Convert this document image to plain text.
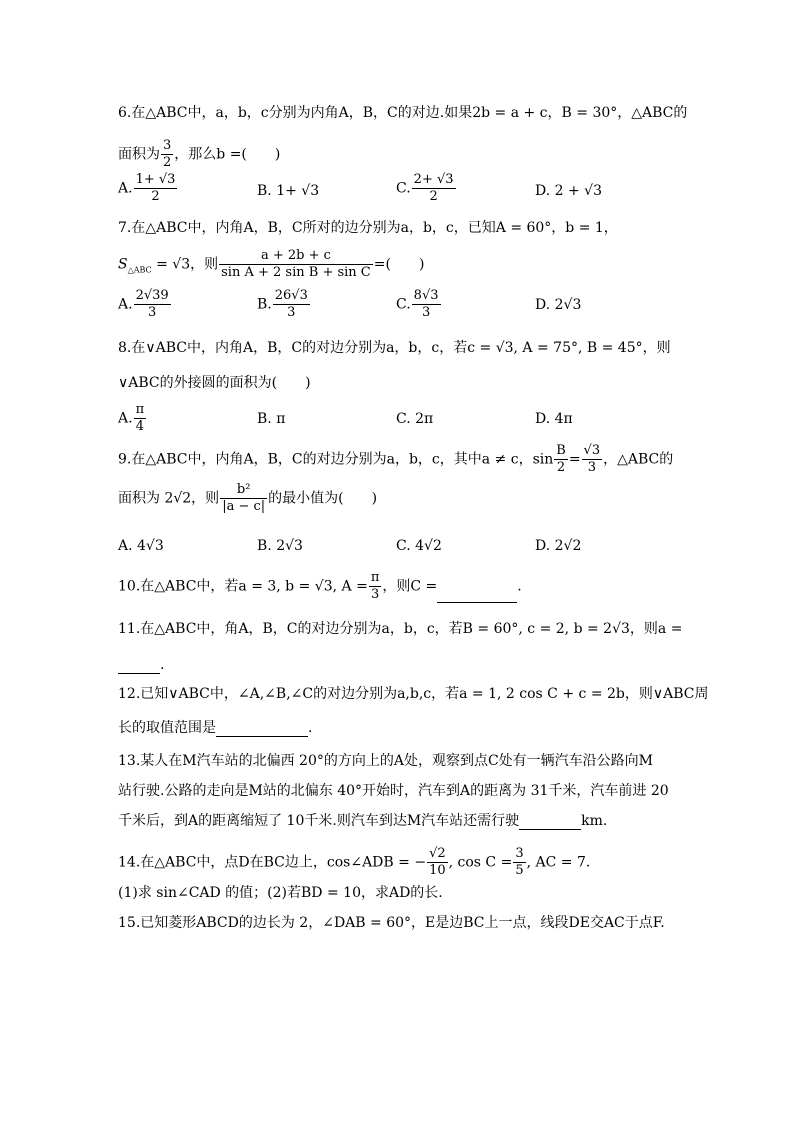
6.在△ABC中，a，b，c分别为内角A，B，C的对边.如果2b = a + c，B = 30°，△ABC的
面积为 $\frac{3}{2}$ ，那么b =(　　)
A. $\frac{1+ √3}{2}$	B. 1+ √3	C. $\frac{2+ √3}{2}$	D. 2 + √3
7.在△ABC中，内角A，B，C所对的边分别为a，b，c，已知A = 60°，b = 1，
$S_{\triangle ABC} = √3$，则 $\frac{a + 2b + c}{\text{sin A + 2 sin B + sin C}}$ =(　　)
A. $\frac{2√39}{3}$	B. $\frac{26√3}{3}$	C. $\frac{8√3}{3}$	D. 2√3
8.在∨ABC中，内角A，B，C的对边分别为a，b，c，若c = √3, A = 75°, B = 45°，则
∨ABC的外接圆的面积为(　　)
A. $\frac{\pi}{4}$	B. π	C. 2π	D. 4π
9.在△ABC中，内角A，B，C的对边分别为a，b，c，其中a ≠ c，$\sin \frac{B}{2} = \frac{√3}{3}$ ，△ABC的
面积为 2√2，则 $\frac{\text{b²}}{|a - c|}$ 的最小值为(　　)
A. 4√3	B. 2√3	C. 4√2	D. 2√2
10.在△ABC中，若a = 3, b = √3, $A = \frac{\pi}{3}$ ，则C =	.
11.在△ABC中，角A，B，C的对边分别为a，b，c，若B = 60°, c = 2, b = 2√3，则a =
.
12.已知∨ABC中，∠A,∠B,∠C的对边分别为a,b,c，若a = 1, 2 cos C + c = 2b，则∨ABC周
长的取值范围是	.
13.某人在M汽车站的北偏西 20°的方向上的A处，观察到点C处有一辆汽车沿公路向M
站行驶.公路的走向是M站的北偏东 40°开始时，汽车到A的距离为 31千米，汽车前进 20
千米后，到A的距离缩短了 10千米.则汽车到达M汽车站还需行驶	km.
14.在△ABC中，点D在BC边上，cos∠ADB = − $\frac{√2}{10}$ , $\cos C = \frac{3}{5}$ , AC = 7.
(1)求 sin∠CAD 的值；(2)若BD = 10，求AD的长.
15.已知菱形ABCD的边长为 2，∠DAB = 60°，E是边BC上一点，线段DE交AC于点F.
